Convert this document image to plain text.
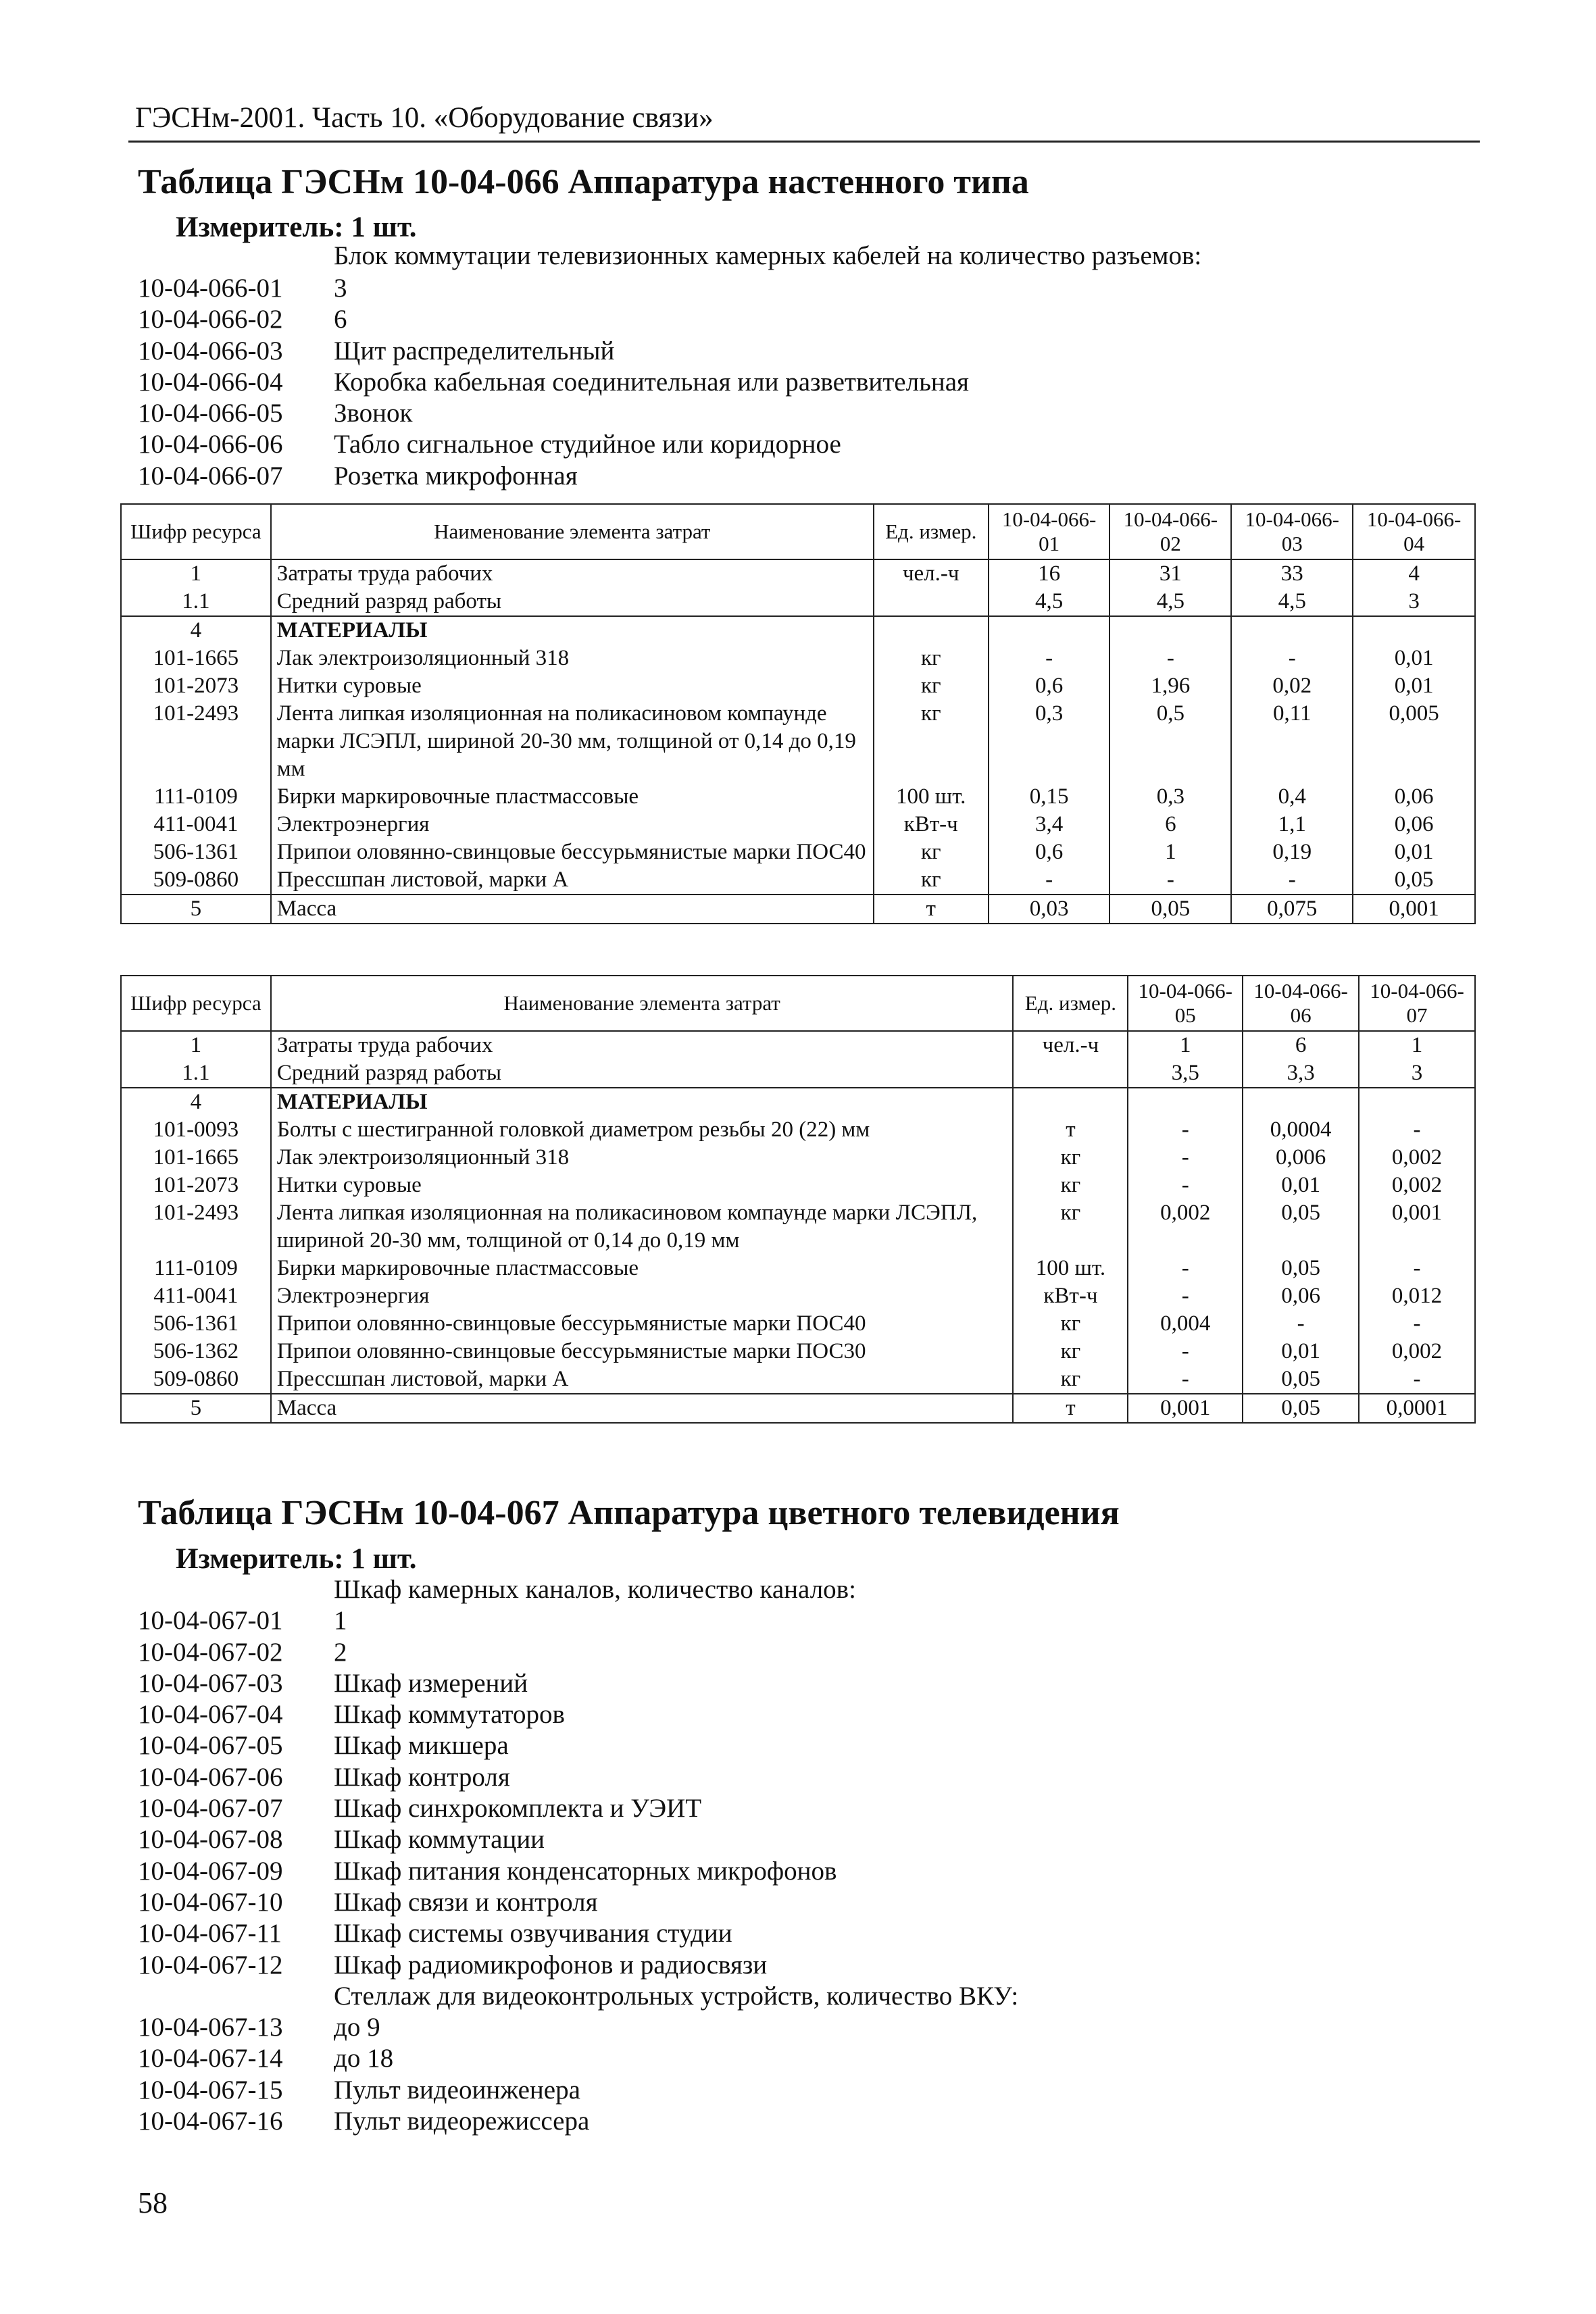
ГЭСНм-2001. Часть 10. «Оборудование связи»
Таблица ГЭСНм 10-04-066 Аппаратура настенного типа
Измеритель: 1 шт.
Блок коммутации телевизионных камерных кабелей на количество разъемов:
10-04-066-01	3
10-04-066-02	6
10-04-066-03	Щит распределительный
10-04-066-04	Коробка кабельная соединительная или разветвительная
10-04-066-05	Звонок
10-04-066-06	Табло сигнальное студийное или коридорное
10-04-066-07	Розетка микрофонная
Шифр ресурса	Наименование элемента затрат	Ед. измер.	10-04-066-01	10-04-066-02	10-04-066-03	10-04-066-04
1	Затраты труда рабочих	чел.-ч	16	31	33	4
1.1	Средний разряд работы		4,5	4,5	4,5	3
4	МАТЕРИАЛЫ					
101-1665	Лак электроизоляционный 318	кг	-	-	-	0,01
101-2073	Нитки суровые	кг	0,6	1,96	0,02	0,01
101-2493	Лента липкая изоляционная на поликасиновом компаунде марки ЛСЭПЛ, шириной 20-30 мм, толщиной от 0,14 до 0,19 мм	кг	0,3	0,5	0,11	0,005
111-0109	Бирки маркировочные пластмассовые	100 шт.	0,15	0,3	0,4	0,06
411-0041	Электроэнергия	кВт-ч	3,4	6	1,1	0,06
506-1361	Припои оловянно-свинцовые бессурьмянистые марки ПОС40	кг	0,6	1	0,19	0,01
509-0860	Прессшпан листовой, марки А	кг	-	-	-	0,05
5	Масса	т	0,03	0,05	0,075	0,001
Шифр ресурса	Наименование элемента затрат	Ед. измер.	10-04-066-05	10-04-066-06	10-04-066-07
1	Затраты труда рабочих	чел.-ч	1	6	1
1.1	Средний разряд работы		3,5	3,3	3
4	МАТЕРИАЛЫ				
101-0093	Болты с шестигранной головкой диаметром резьбы 20 (22) мм	т	-	0,0004	-
101-1665	Лак электроизоляционный 318	кг	-	0,006	0,002
101-2073	Нитки суровые	кг	-	0,01	0,002
101-2493	Лента липкая изоляционная на поликасиновом компаунде марки ЛСЭПЛ, шириной 20-30 мм, толщиной от 0,14 до 0,19 мм	кг	0,002	0,05	0,001
111-0109	Бирки маркировочные пластмассовые	100 шт.	-	0,05	-
411-0041	Электроэнергия	кВт-ч	-	0,06	0,012
506-1361	Припои оловянно-свинцовые бессурьмянистые марки ПОС40	кг	0,004	-	-
506-1362	Припои оловянно-свинцовые бессурьмянистые марки ПОС30	кг	-	0,01	0,002
509-0860	Прессшпан листовой, марки А	кг	-	0,05	-
5	Масса	т	0,001	0,05	0,0001
Таблица ГЭСНм 10-04-067 Аппаратура цветного телевидения
Измеритель: 1 шт.
Шкаф камерных каналов, количество каналов:
10-04-067-01	1
10-04-067-02	2
10-04-067-03	Шкаф измерений
10-04-067-04	Шкаф коммутаторов
10-04-067-05	Шкаф микшера
10-04-067-06	Шкаф контроля
10-04-067-07	Шкаф синхрокомплекта и УЭИТ
10-04-067-08	Шкаф коммутации
10-04-067-09	Шкаф питания конденсаторных микрофонов
10-04-067-10	Шкаф связи и контроля
10-04-067-11	Шкаф системы озвучивания студии
10-04-067-12	Шкаф радиомикрофонов и радиосвязи
Стеллаж для видеоконтрольных устройств, количество ВКУ:
10-04-067-13	до 9
10-04-067-14	до 18
10-04-067-15	Пульт видеоинженера
10-04-067-16	Пульт видеорежиссера
58
